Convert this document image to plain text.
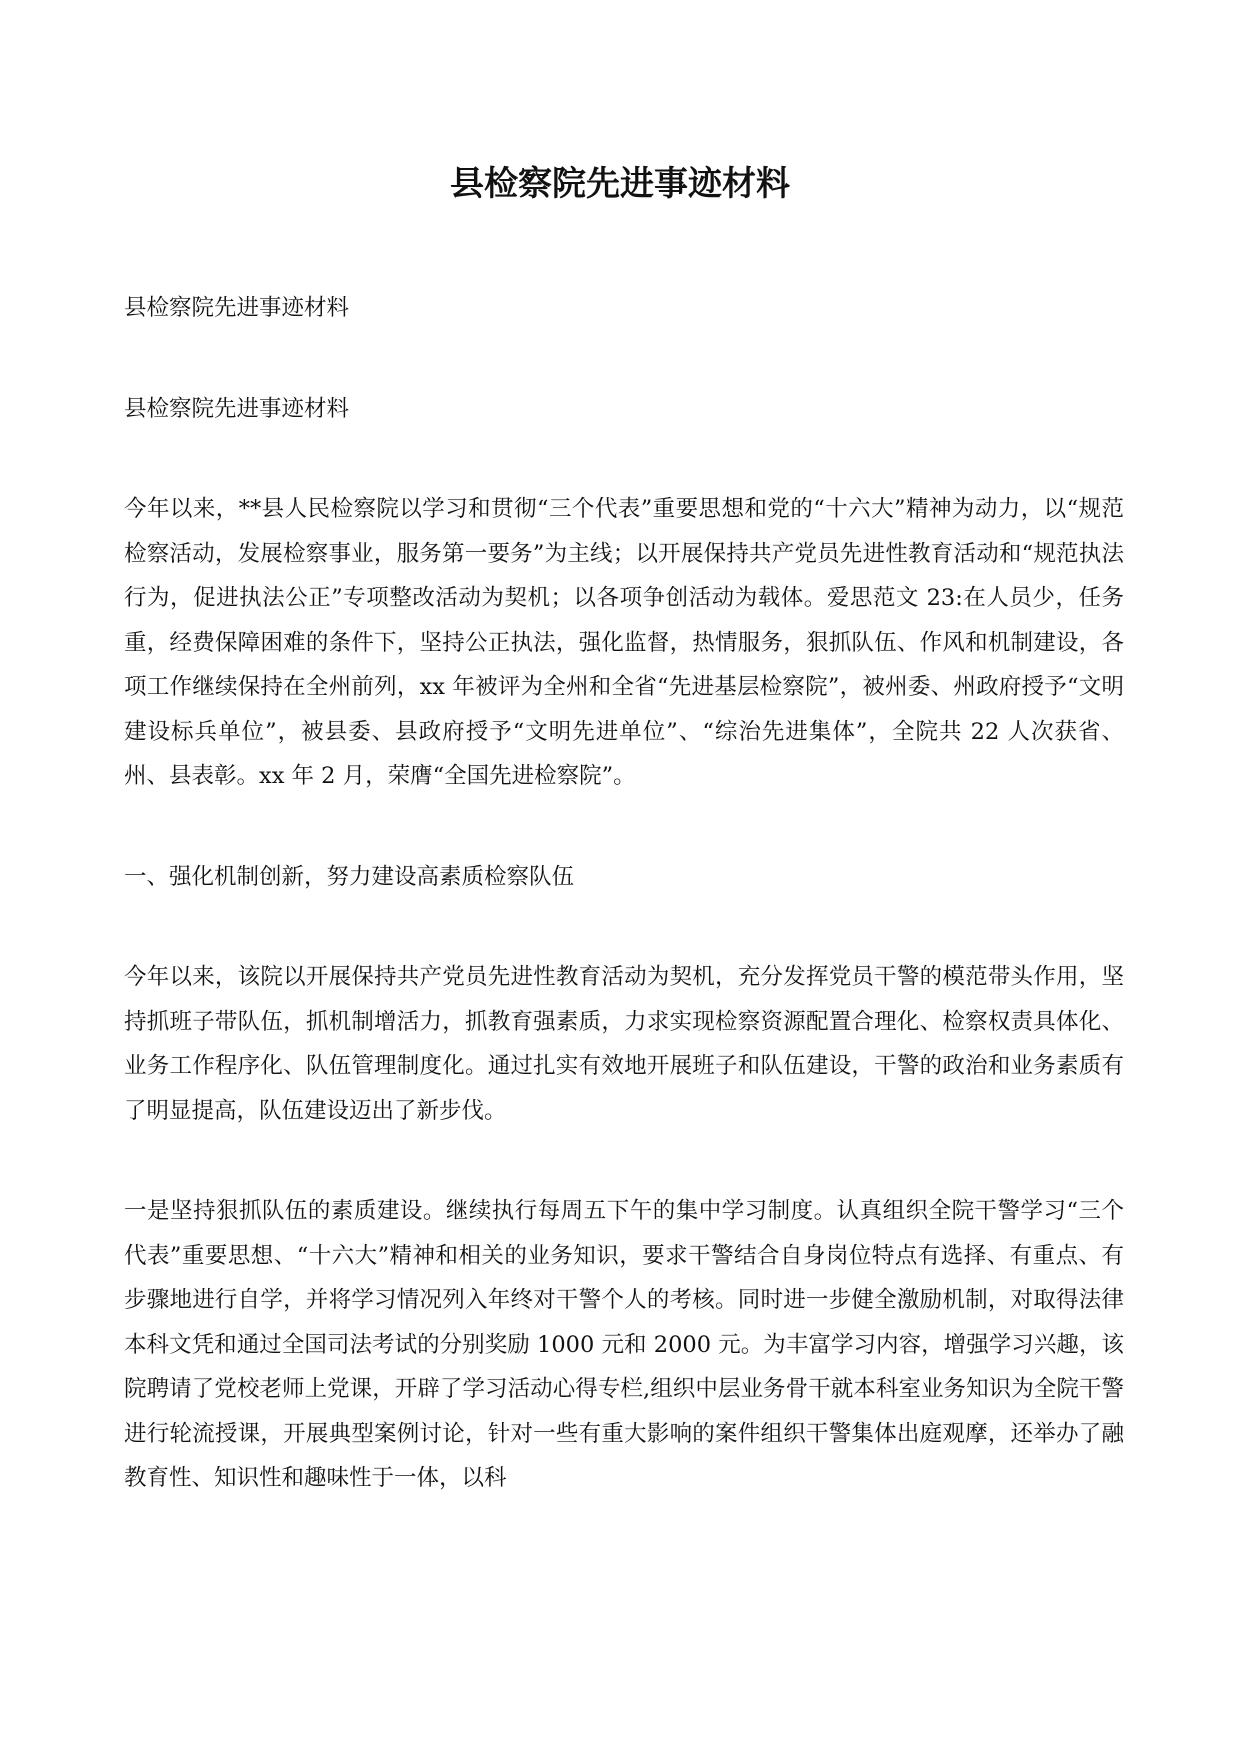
县检察院先进事迹材料

县检察院先进事迹材料

县检察院先进事迹材料

今年以来，**县人民检察院以学习和贯彻“三个代表”重要思想和党的“十六大”精神为动力，以“规范检察活动，发展检察事业，服务第一要务”为主线；以开展保持共产党员先进性教育活动和“规范执法行为，促进执法公正”专项整改活动为契机；以各项争创活动为载体。爱思范文 23:在人员少，任务重，经费保障困难的条件下，坚持公正执法，强化监督，热情服务，狠抓队伍、作风和机制建设，各项工作继续保持在全州前列，xx 年被评为全州和全省“先进基层检察院”，被州委、州政府授予“文明建设标兵单位”，被县委、县政府授予“文明先进单位”、“综治先进集体”，全院共 22 人次获省、州、县表彰。xx 年 2 月，荣膺“全国先进检察院”。

一、强化机制创新，努力建设高素质检察队伍

今年以来，该院以开展保持共产党员先进性教育活动为契机，充分发挥党员干警的模范带头作用，坚持抓班子带队伍，抓机制增活力，抓教育强素质，力求实现检察资源配置合理化、检察权责具体化、业务工作程序化、队伍管理制度化。通过扎实有效地开展班子和队伍建设，干警的政治和业务素质有了明显提高，队伍建设迈出了新步伐。

一是坚持狠抓队伍的素质建设。继续执行每周五下午的集中学习制度。认真组织全院干警学习“三个代表”重要思想、“十六大”精神和相关的业务知识，要求干警结合自身岗位特点有选择、有重点、有步骤地进行自学，并将学习情况列入年终对干警个人的考核。同时进一步健全激励机制，对取得法律本科文凭和通过全国司法考试的分别奖励 1000 元和 2000 元。为丰富学习内容，增强学习兴趣，该院聘请了党校老师上党课，开辟了学习活动心得专栏,组织中层业务骨干就本科室业务知识为全院干警进行轮流授课，开展典型案例讨论，针对一些有重大影响的案件组织干警集体出庭观摩，还举办了融教育性、知识性和趣味性于一体，以科
